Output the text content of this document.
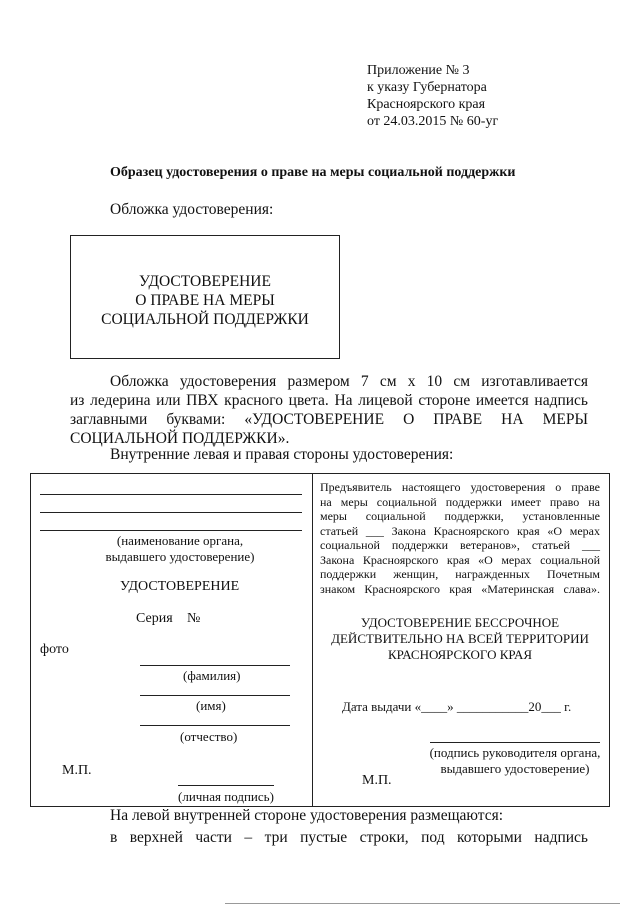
Приложение № 3
к указу Губернатора
Красноярского края
от 24.03.2015 № 60-уг
Образец удостоверения о праве на меры социальной поддержки
Обложка удостоверения:
УДОСТОВЕРЕНИЕ
О ПРАВЕ НА МЕРЫ
СОЦИАЛЬНОЙ ПОДДЕРЖКИ
Обложка удостоверения размером 7 см х 10 см изготавливается
из ледерина или ПВХ красного цвета. На лицевой стороне имеется надпись
заглавными буквами: «УДОСТОВЕРЕНИЕ О ПРАВЕ НА МЕРЫ
СОЦИАЛЬНОЙ ПОДДЕРЖКИ».
Внутренние левая и правая стороны удостоверения:
(наименование органа,
выдавшего удостоверение)
УДОСТОВЕРЕНИЕ
Серия №
фото
(фамилия)
(имя)
(отчество)
М.П.
(личная подпись)
Предъявитель настоящего удостоверения о праве
на меры социальной поддержки имеет право на
меры социальной поддержки, установленные
статьей ___ Закона Красноярского края «О мерах
социальной поддержки ветеранов», статьей ___
Закона Красноярского края «О мерах социальной
поддержки женщин, награжденных Почетным
знаком Красноярского края «Материнская слава».
УДОСТОВЕРЕНИЕ БЕССРОЧНОЕ
ДЕЙСТВИТЕЛЬНО НА ВСЕЙ ТЕРРИТОРИИ
КРАСНОЯРСКОГО КРАЯ
Дата выдачи «____» ___________20___ г.
(подпись руководителя органа,
выдавшего удостоверение)
М.П.
На левой внутренней стороне удостоверения размещаются:
в верхней части – три пустые строки, под которыми надпись
